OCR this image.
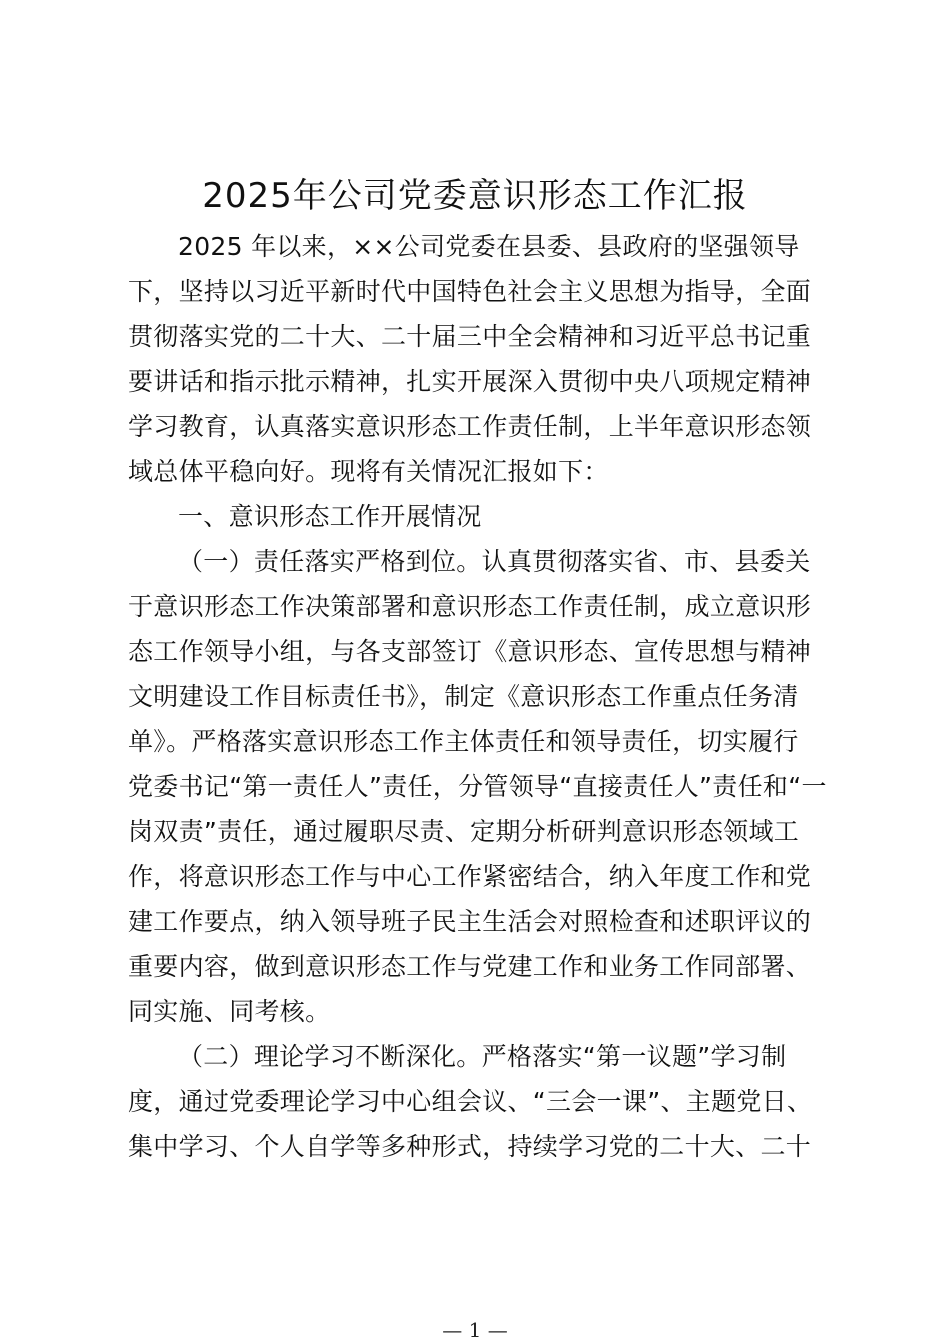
2025年公司党委意识形态工作汇报
2025 年以来，××公司党委在县委、县政府的坚强领导
下，坚持以习近平新时代中国特色社会主义思想为指导，全面
贯彻落实党的二十大、二十届三中全会精神和习近平总书记重
要讲话和指示批示精神，扎实开展深入贯彻中央八项规定精神
学习教育，认真落实意识形态工作责任制，上半年意识形态领
域总体平稳向好。现将有关情况汇报如下：
一、意识形态工作开展情况
（一）责任落实严格到位。认真贯彻落实省、市、县委关
于意识形态工作决策部署和意识形态工作责任制，成立意识形
态工作领导小组，与各支部签订《意识形态、宣传思想与精神
文明建设工作目标责任书》，制定《意识形态工作重点任务清
单》。严格落实意识形态工作主体责任和领导责任，切实履行
党委书记“第一责任人”责任，分管领导“直接责任人”责任和“一
岗双责”责任，通过履职尽责、定期分析研判意识形态领域工
作，将意识形态工作与中心工作紧密结合，纳入年度工作和党
建工作要点，纳入领导班子民主生活会对照检查和述职评议的
重要内容，做到意识形态工作与党建工作和业务工作同部署、
同实施、同考核。
（二）理论学习不断深化。严格落实“第一议题”学习制
度，通过党委理论学习中心组会议、“三会一课”、主题党日、
集中学习、个人自学等多种形式，持续学习党的二十大、二十
— 1 —
